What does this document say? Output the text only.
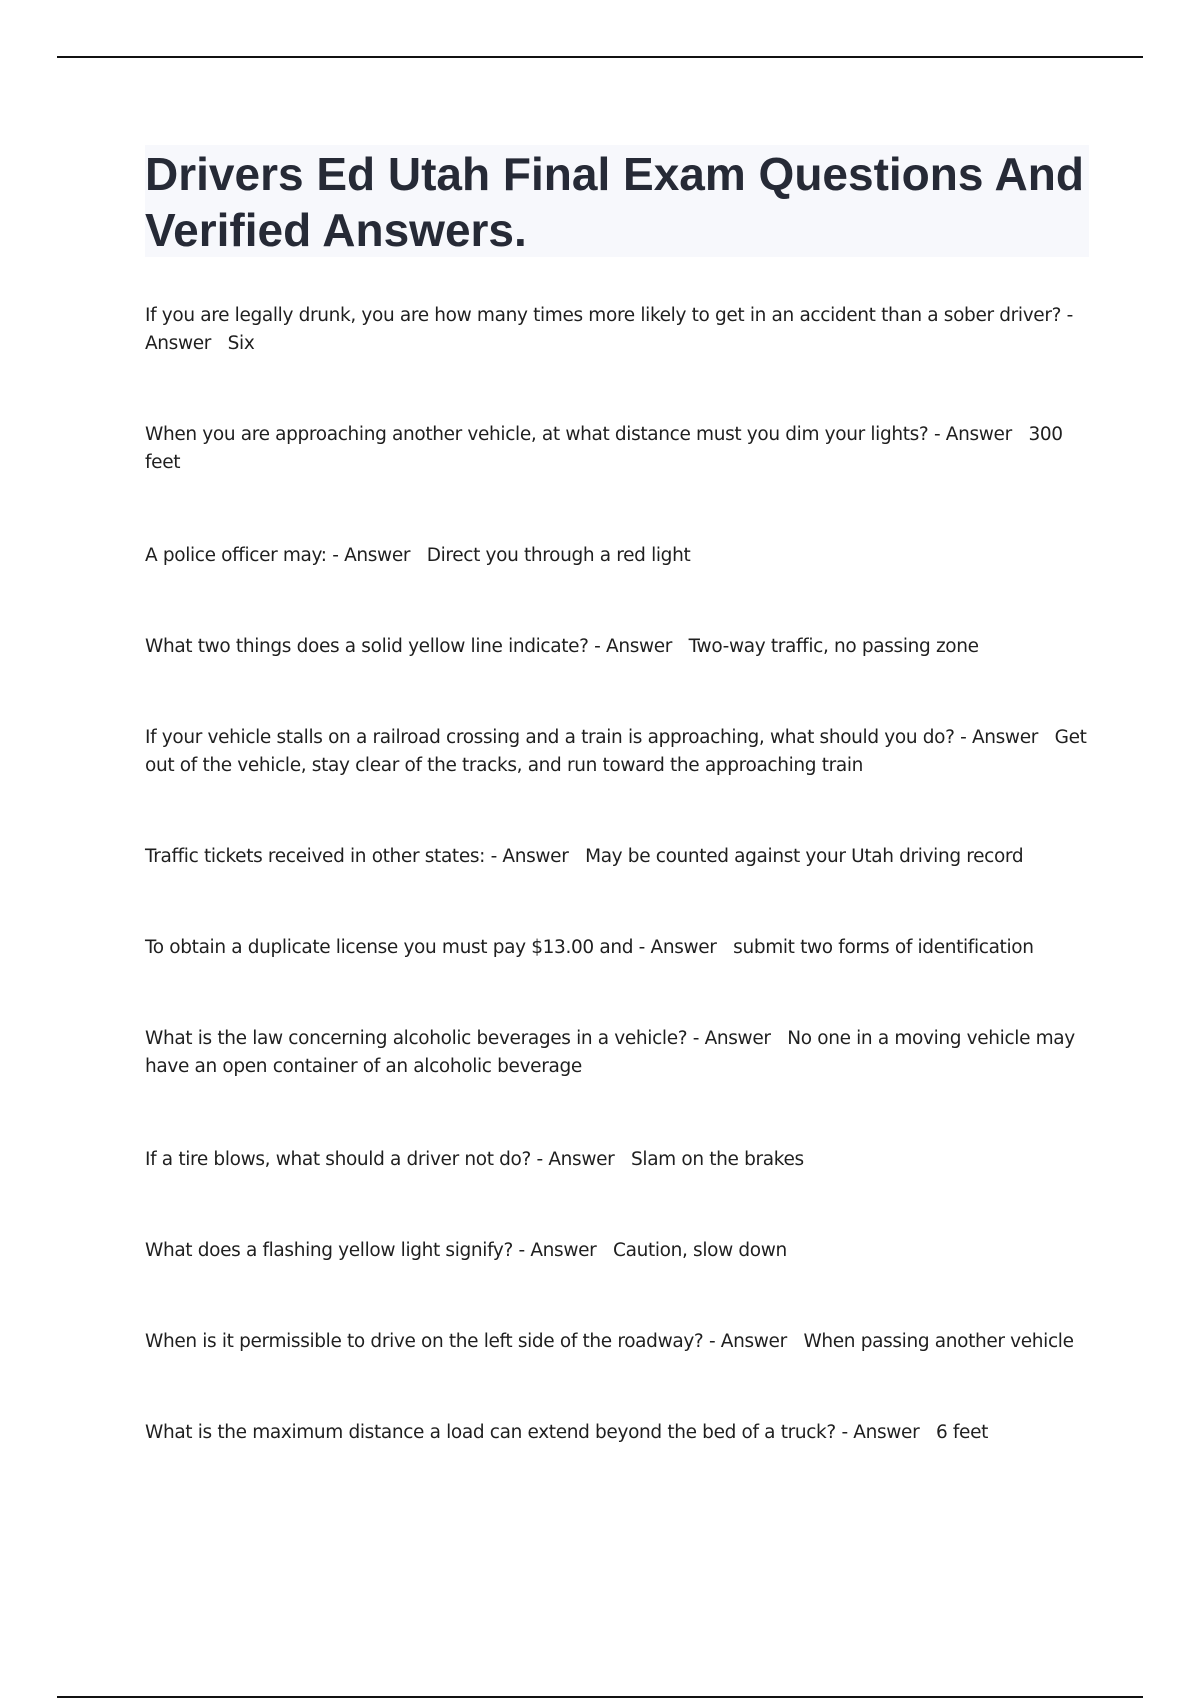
Drivers Ed Utah Final Exam Questions And Verified Answers.
If you are legally drunk, you are how many times more likely to get in an accident than a sober driver? - Answer Six
When you are approaching another vehicle, at what distance must you dim your lights? - Answer 300 feet
A police officer may: - Answer Direct you through a red light
What two things does a solid yellow line indicate? - Answer Two-way traffic, no passing zone
If your vehicle stalls on a railroad crossing and a train is approaching, what should you do? - Answer Get out of the vehicle, stay clear of the tracks, and run toward the approaching train
Traffic tickets received in other states: - Answer May be counted against your Utah driving record
To obtain a duplicate license you must pay $13.00 and - Answer submit two forms of identification
What is the law concerning alcoholic beverages in a vehicle? - Answer No one in a moving vehicle may have an open container of an alcoholic beverage
If a tire blows, what should a driver not do? - Answer Slam on the brakes
What does a flashing yellow light signify? - Answer Caution, slow down
When is it permissible to drive on the left side of the roadway? - Answer When passing another vehicle
What is the maximum distance a load can extend beyond the bed of a truck? - Answer 6 feet
